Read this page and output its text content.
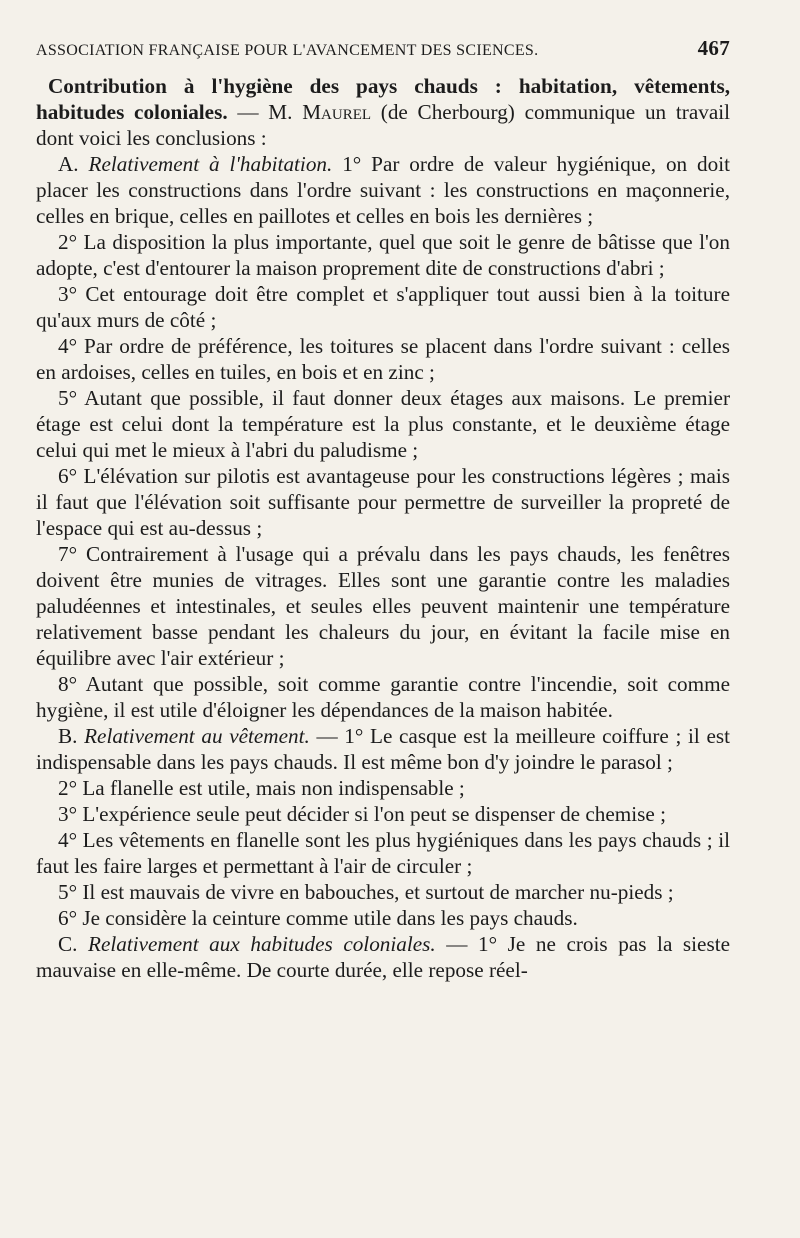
ASSOCIATION FRANÇAISE POUR L'AVANCEMENT DES SCIENCES.	467

Contribution à l'hygiène des pays chauds : habitation, vêtements, habitudes coloniales. — M. Maurel (de Cherbourg) communique un travail dont voici les conclusions :

A. Relativement à l'habitation. 1° Par ordre de valeur hygiénique, on doit placer les constructions dans l'ordre suivant : les constructions en maçonnerie, celles en brique, celles en paillotes et celles en bois les dernières ;

2° La disposition la plus importante, quel que soit le genre de bâtisse que l'on adopte, c'est d'entourer la maison proprement dite de constructions d'abri ;

3° Cet entourage doit être complet et s'appliquer tout aussi bien à la toiture qu'aux murs de côté ;

4° Par ordre de préférence, les toitures se placent dans l'ordre suivant : celles en ardoises, celles en tuiles, en bois et en zinc ;

5° Autant que possible, il faut donner deux étages aux maisons. Le premier étage est celui dont la température est la plus constante, et le deuxième étage celui qui met le mieux à l'abri du paludisme ;

6° L'élévation sur pilotis est avantageuse pour les constructions légères ; mais il faut que l'élévation soit suffisante pour permettre de surveiller la propreté de l'espace qui est au-dessus ;

7° Contrairement à l'usage qui a prévalu dans les pays chauds, les fenêtres doivent être munies de vitrages. Elles sont une garantie contre les maladies paludéennes et intestinales, et seules elles peuvent maintenir une température relativement basse pendant les chaleurs du jour, en évitant la facile mise en équilibre avec l'air extérieur ;

8° Autant que possible, soit comme garantie contre l'incendie, soit comme hygiène, il est utile d'éloigner les dépendances de la maison habitée.

B. Relativement au vêtement. — 1° Le casque est la meilleure coiffure ; il est indispensable dans les pays chauds. Il est même bon d'y joindre le parasol ;

2° La flanelle est utile, mais non indispensable ;

3° L'expérience seule peut décider si l'on peut se dispenser de chemise ;

4° Les vêtements en flanelle sont les plus hygiéniques dans les pays chauds ; il faut les faire larges et permettant à l'air de circuler ;

5° Il est mauvais de vivre en babouches, et surtout de marcher nu-pieds ;

6° Je considère la ceinture comme utile dans les pays chauds.

C. Relativement aux habitudes coloniales. — 1° Je ne crois pas la sieste mauvaise en elle-même. De courte durée, elle repose réel-
